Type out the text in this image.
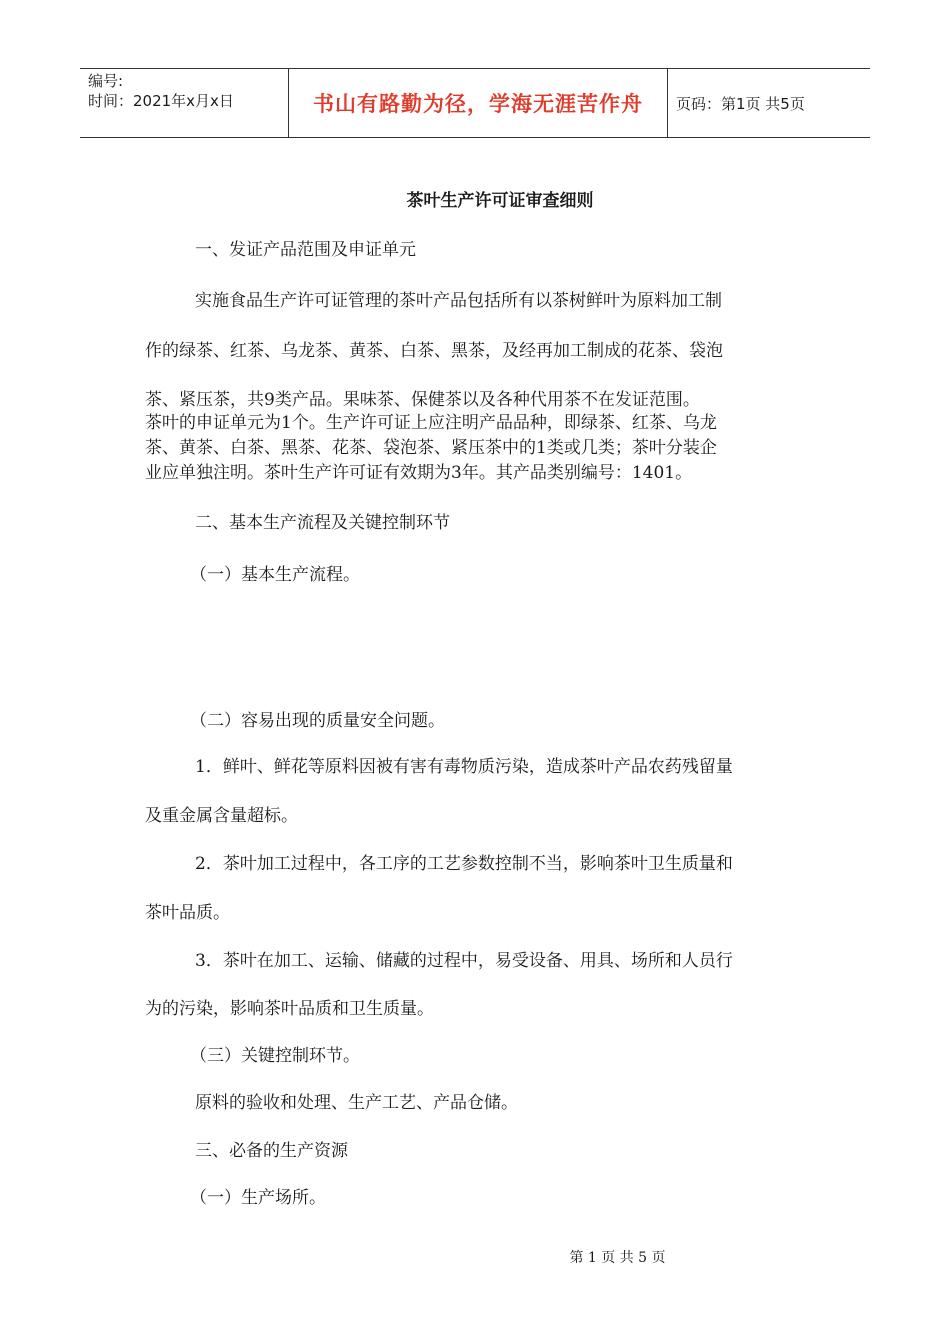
编号:
时间：2021年x月x日	书山有路勤为径，学海无涯苦作舟	页码：第1页 共5页
茶叶生产许可证审查细则
一、发证产品范围及申证单元
实施食品生产许可证管理的茶叶产品包括所有以茶树鲜叶为原料加工制
作的绿茶、红茶、乌龙茶、黄茶、白茶、黑茶，及经再加工制成的花茶、袋泡
茶、紧压茶，共9类产品。果味茶、保健茶以及各种代用茶不在发证范围。
茶叶的申证单元为1个。生产许可证上应注明产品品种，即绿茶、红茶、乌龙
茶、黄茶、白茶、黑茶、花茶、袋泡茶、紧压茶中的1类或几类；茶叶分装企
业应单独注明。茶叶生产许可证有效期为3年。其产品类别编号：1401。
二、基本生产流程及关键控制环节
（一）基本生产流程。
（二）容易出现的质量安全问题。
1．鲜叶、鲜花等原料因被有害有毒物质污染，造成茶叶产品农药残留量
及重金属含量超标。
2．茶叶加工过程中，各工序的工艺参数控制不当，影响茶叶卫生质量和
茶叶品质。
3．茶叶在加工、运输、储藏的过程中，易受设备、用具、场所和人员行
为的污染，影响茶叶品质和卫生质量。
（三）关键控制环节。
原料的验收和处理、生产工艺、产品仓储。
三、必备的生产资源
（一）生产场所。
第 1 页 共 5 页
